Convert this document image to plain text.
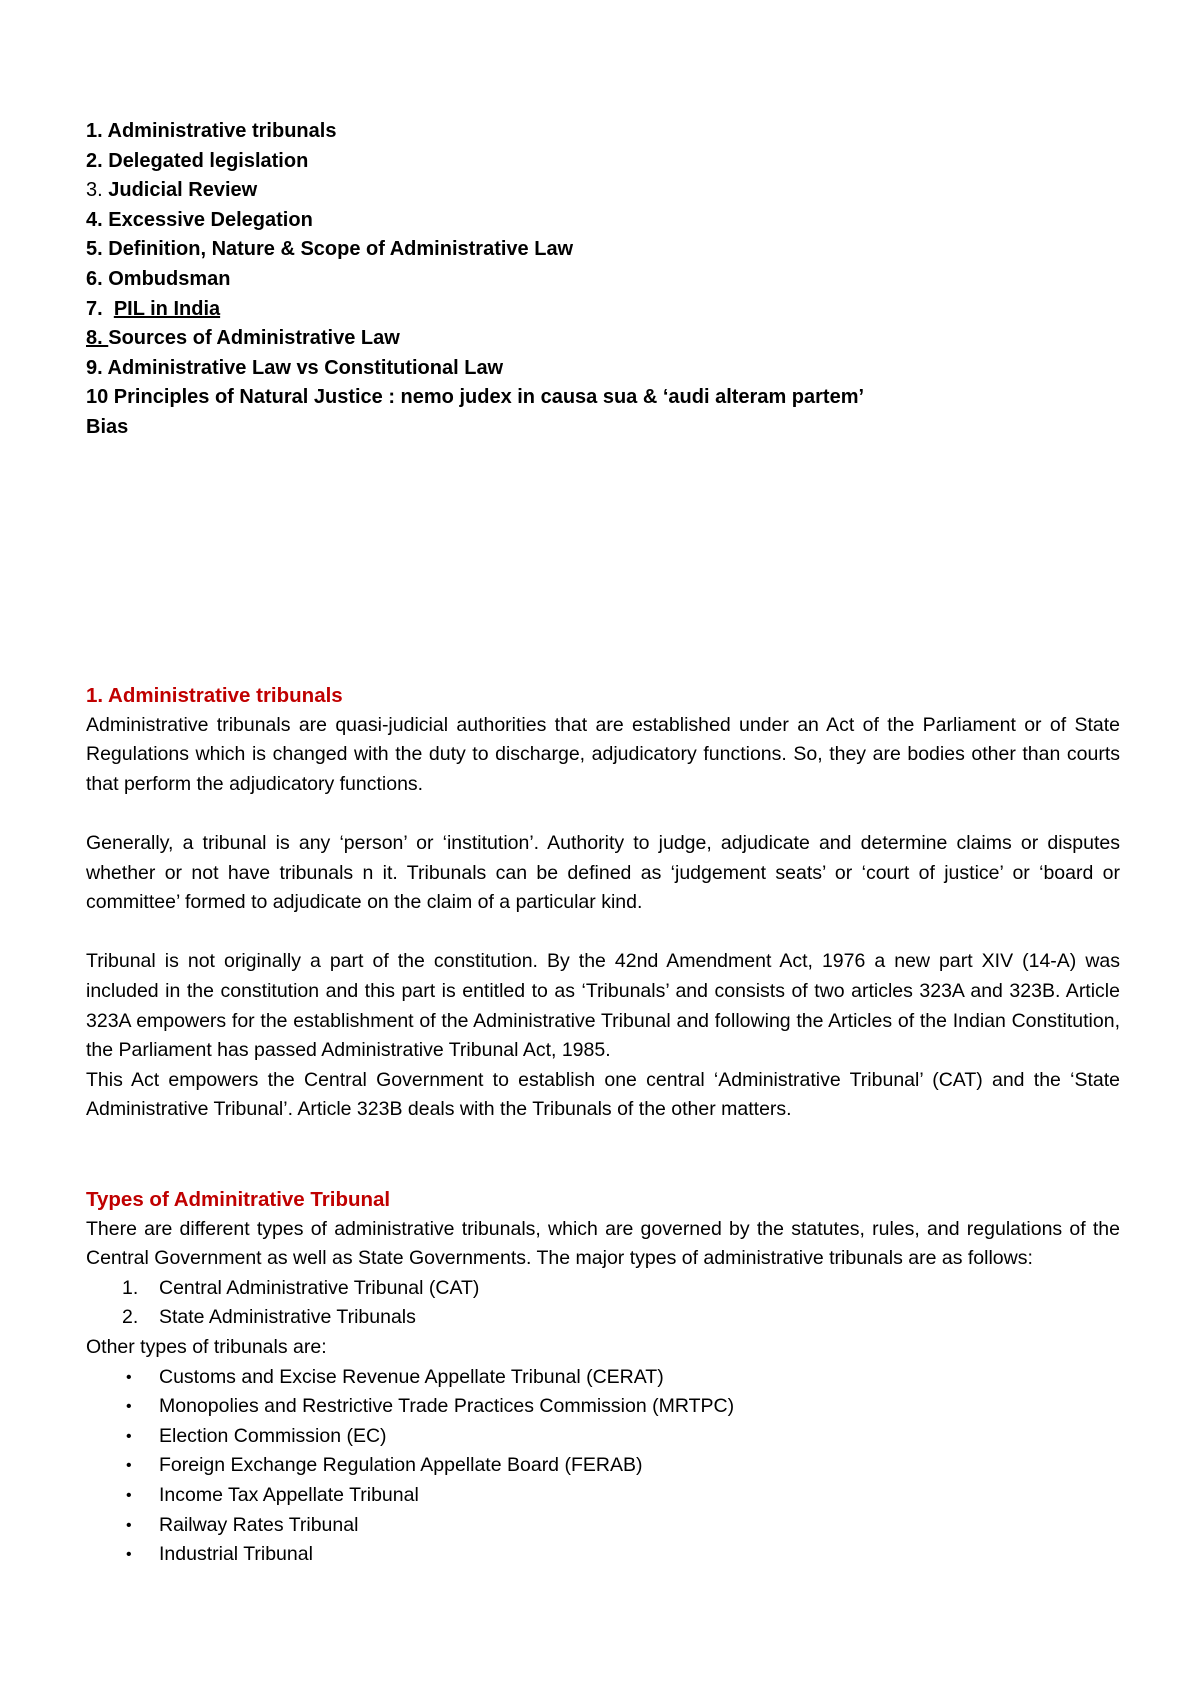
1. Administrative tribunals
2. Delegated legislation
3. Judicial Review
4. Excessive Delegation
5. Definition, Nature & Scope of Administrative Law
6. Ombudsman
7. PIL in India
8. Sources of Administrative Law
9. Administrative Law vs Constitutional Law
10 Principles of Natural Justice : nemo judex in causa sua & ‘audi alteram partem’
Bias
1. Administrative tribunals

Administrative tribunals are quasi-judicial authorities that are established under an Act of the Parliament or of State Regulations which is changed with the duty to discharge, adjudicatory functions. So, they are bodies other than courts that perform the adjudicatory functions.

Generally, a tribunal is any ‘person’ or ‘institution’. Authority to judge, adjudicate and determine claims or disputes whether or not have tribunals n it. Tribunals can be defined as ‘judgement seats’ or ‘court of justice’ or ‘board or committee’ formed to adjudicate on the claim of a particular kind.

Tribunal is not originally a part of the constitution. By the 42nd Amendment Act, 1976 a new part XIV (14-A) was included in the constitution and this part is entitled to as ‘Tribunals’ and consists of two articles 323A and 323B. Article 323A empowers for the establishment of the Administrative Tribunal and following the Articles of the Indian Constitution, the Parliament has passed Administrative Tribunal Act, 1985.

This Act empowers the Central Government to establish one central ‘Administrative Tribunal’ (CAT) and the ‘State Administrative Tribunal’. Article 323B deals with the Tribunals of the other matters.

Types of Adminitrative Tribunal

There are different types of administrative tribunals, which are governed by the statutes, rules, and regulations of the Central Government as well as State Governments. The major types of administrative tribunals are as follows:

1. Central Administrative Tribunal (CAT)
2. State Administrative Tribunals

Other types of tribunals are:

• Customs and Excise Revenue Appellate Tribunal (CERAT)
• Monopolies and Restrictive Trade Practices Commission (MRTPC)
• Election Commission (EC)
• Foreign Exchange Regulation Appellate Board (FERAB)
• Income Tax Appellate Tribunal
• Railway Rates Tribunal
• Industrial Tribunal
